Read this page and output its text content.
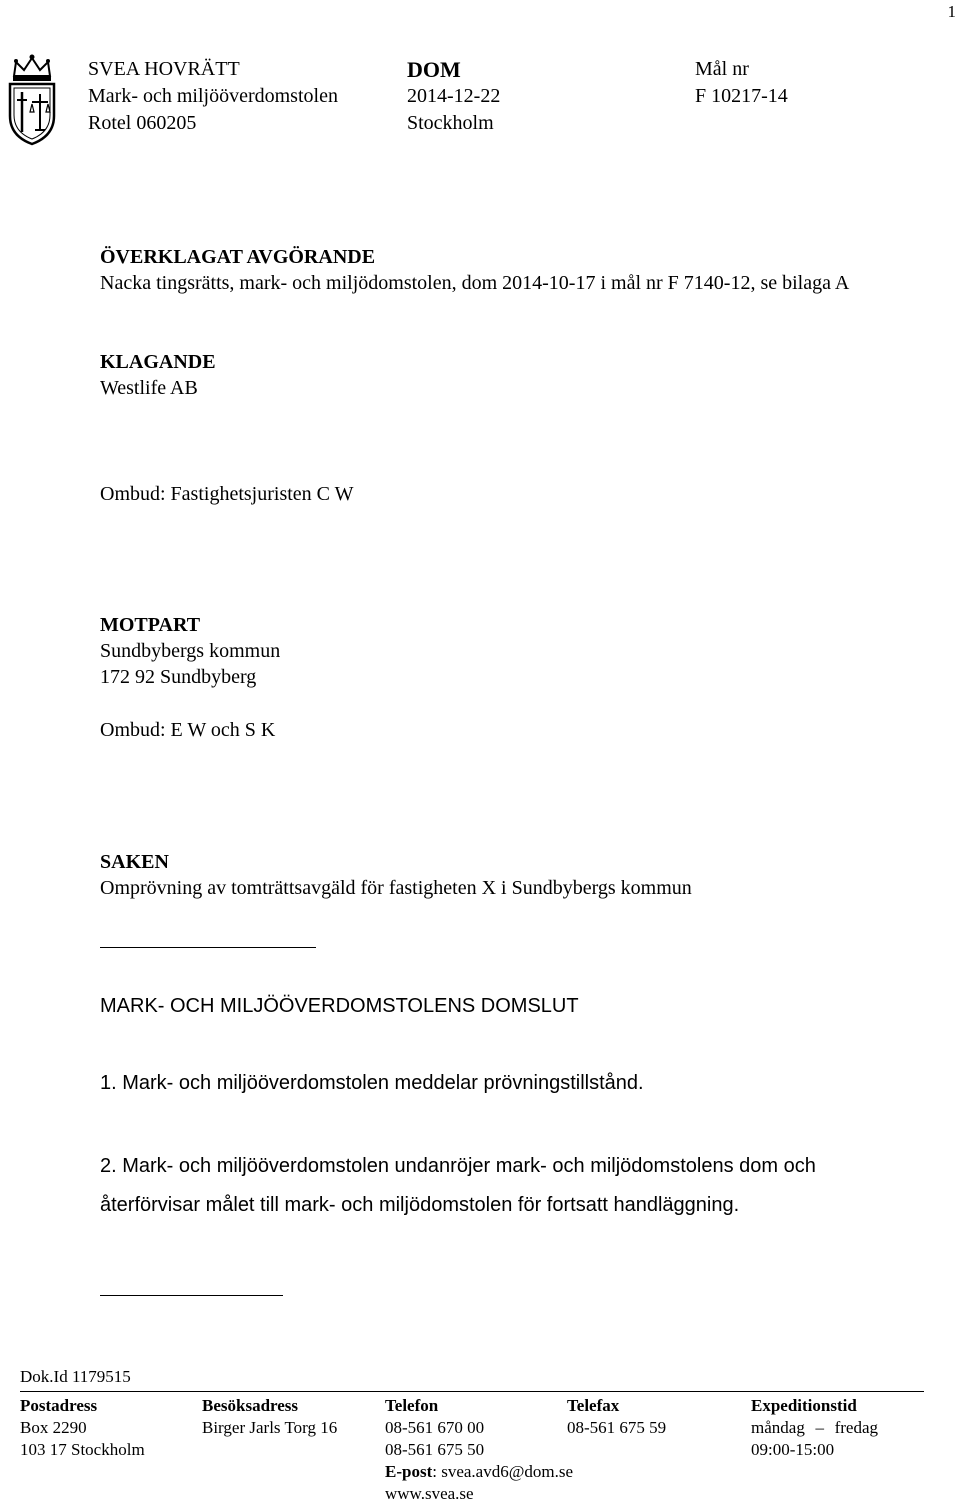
1
SVEA HOVRÄTT
Mark- och miljööverdomstolen
Rotel 060205
DOM
2014-12-22
Stockholm
Mål nr
F 10217-14
ÖVERKLAGAT AVGÖRANDE
Nacka tingsrätts, mark- och miljödomstolen, dom 2014-10-17 i mål nr F 7140-12, se bilaga A
KLAGANDE
Westlife AB
Ombud: Fastighetsjuristen C W
MOTPART
Sundbybergs kommun
172 92 Sundbyberg
Ombud: E W och S K
SAKEN
Omprövning av tomträttsavgäld för fastigheten X i Sundbybergs kommun
MARK- OCH MILJÖÖVERDOMSTOLENS DOMSLUT
1. Mark- och miljööverdomstolen meddelar prövningstillstånd.
2. Mark- och miljööverdomstolen undanröjer mark- och miljödomstolens dom och
återförvisar målet till mark- och miljödomstolen för fortsatt handläggning.
Dok.Id 1179515
Postadress
Box 2290
103 17 Stockholm
Besöksadress
Birger Jarls Torg 16
Telefon
08-561 670 00
08-561 675 50
E-post: svea.avd6@dom.se
www.svea.se
Telefax
08-561 675 59
Expeditionstid
måndag – fredag
09:00-15:00
